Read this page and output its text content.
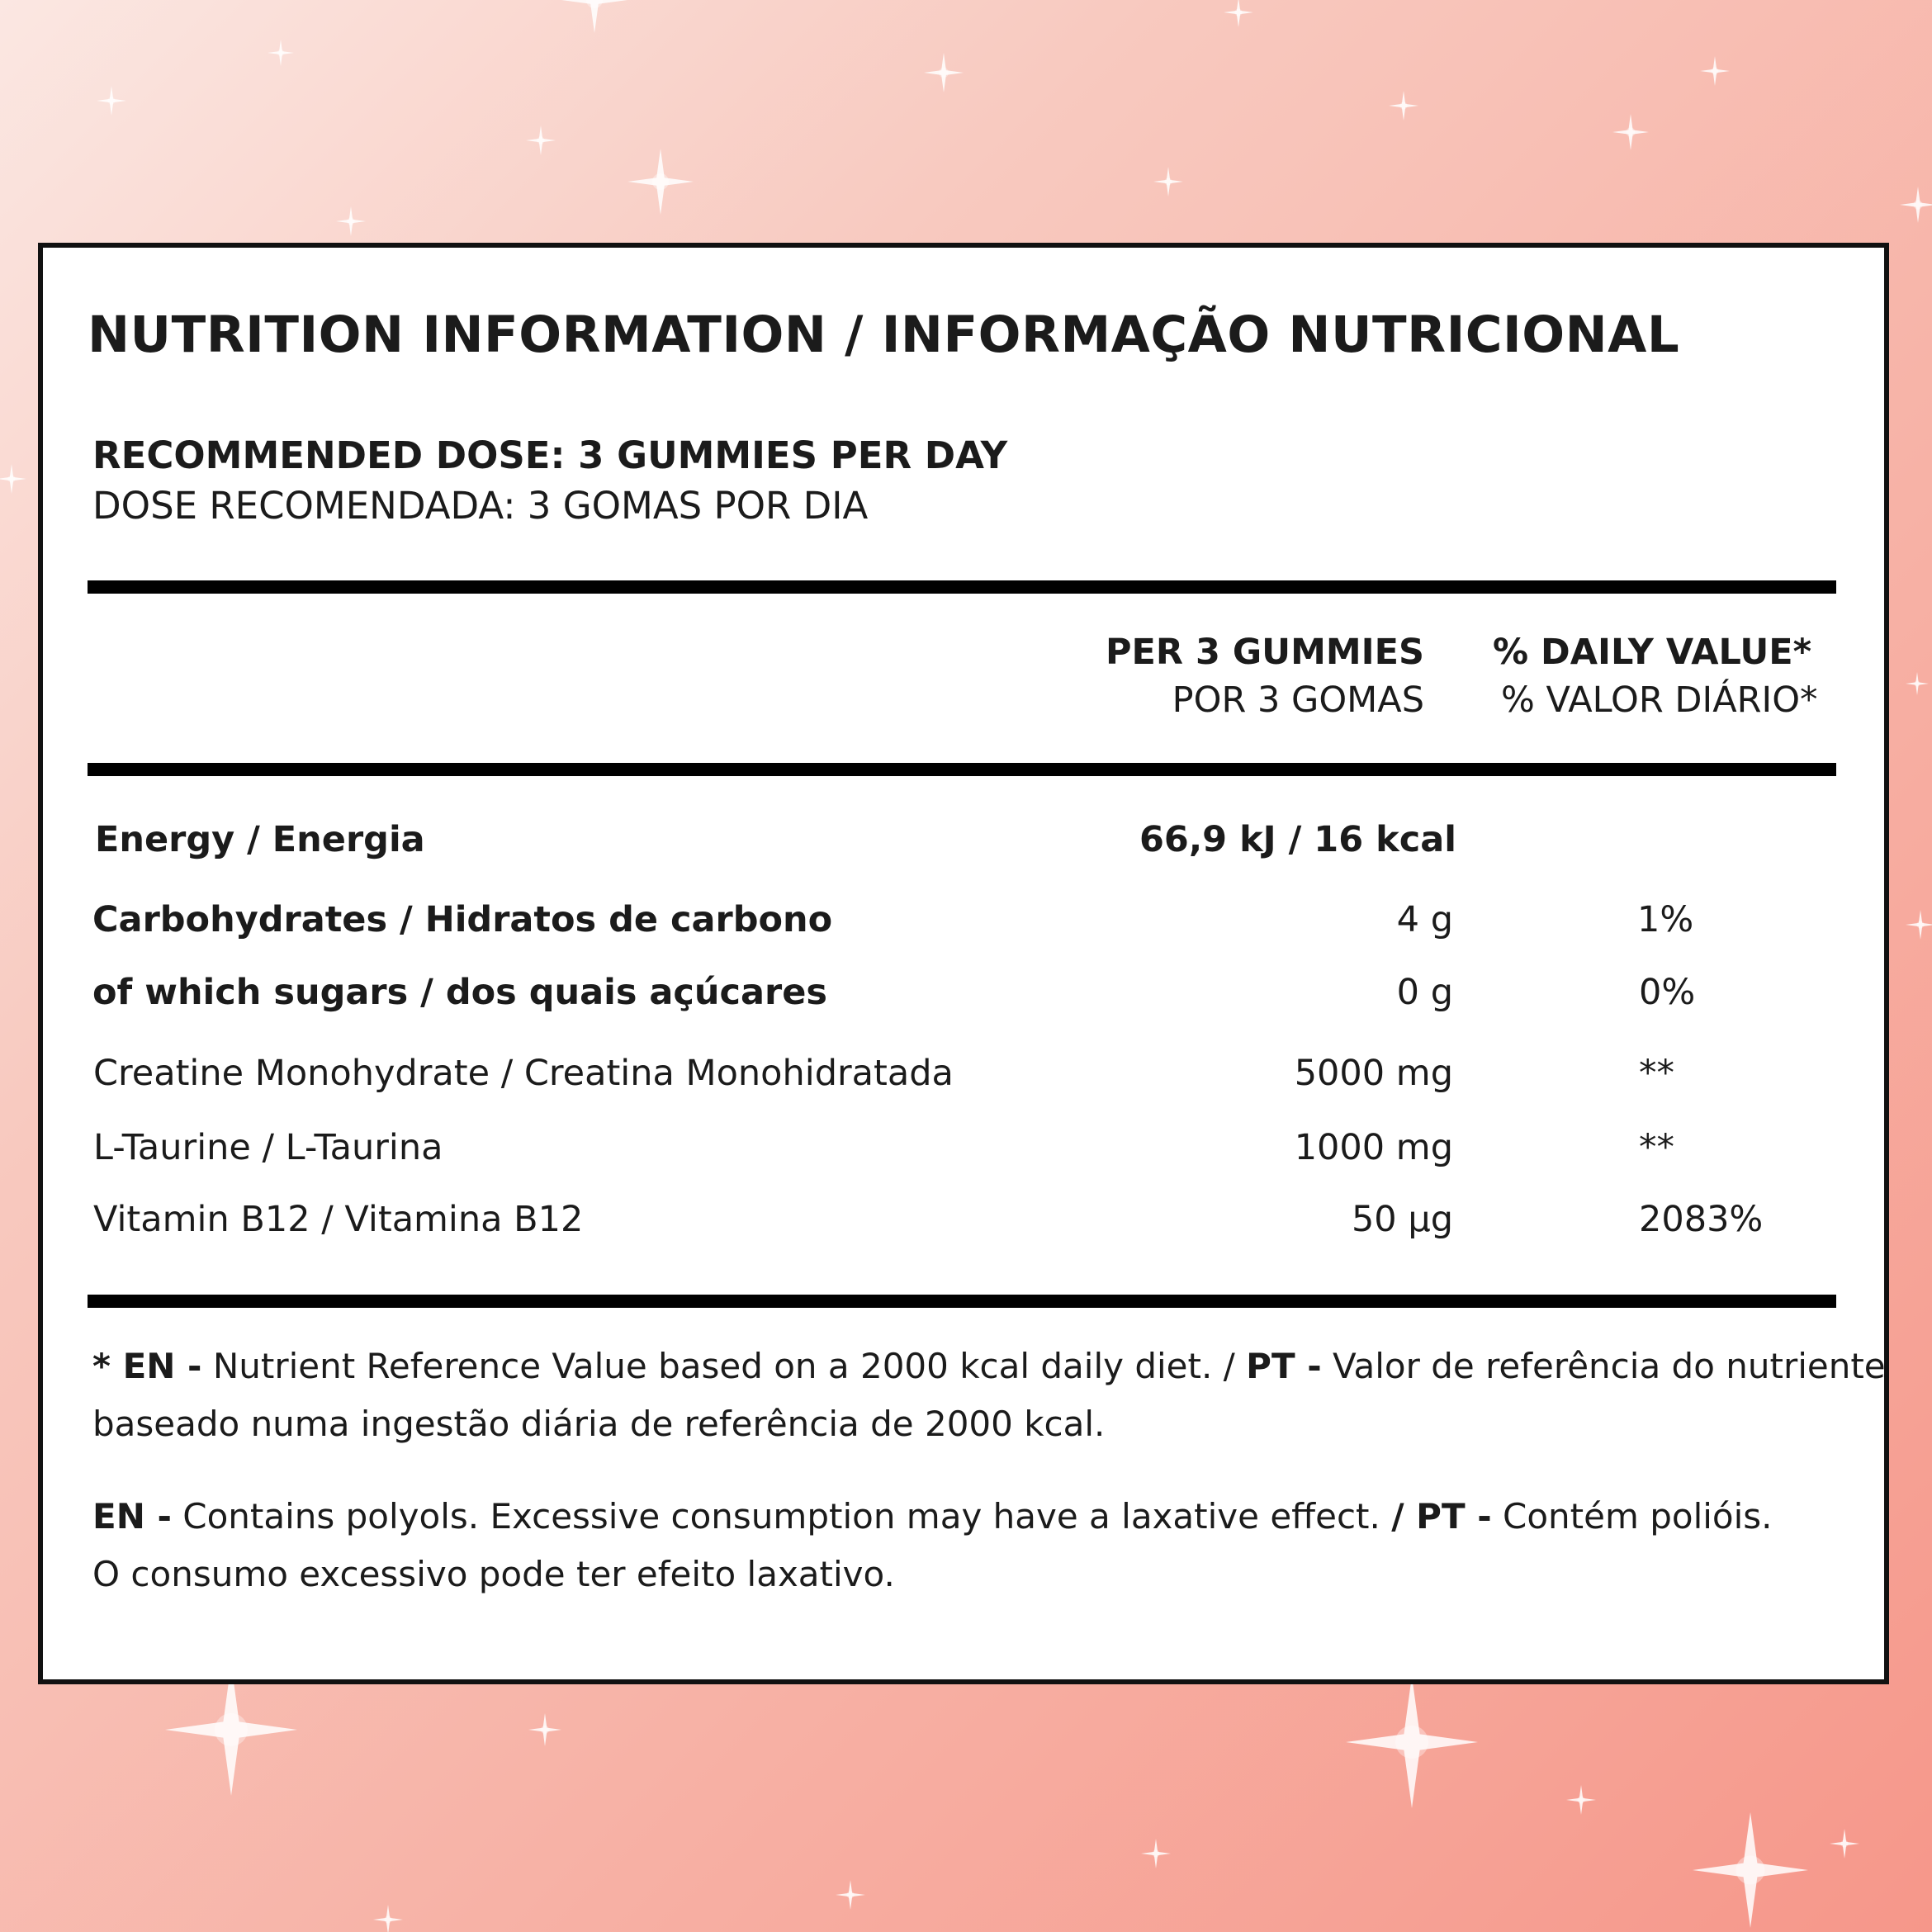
NUTRITION INFORMATION / INFORMAÇÃO NUTRICIONAL
RECOMMENDED DOSE: 3 GUMMIES PER DAY
DOSE RECOMENDADA: 3 GOMAS POR DIA
PER 3 GUMMIES
POR 3 GOMAS
% DAILY VALUE*
% VALOR DIÁRIO*
Energy / Energia	66,9 kJ / 16 kcal
Carbohydrates / Hidratos de carbono	4 g	1%
of which sugars / dos quais açúcares	0 g	0%
Creatine Monohydrate / Creatina Monohidratada	5000 mg	**
L-Taurine / L-Taurina	1000 mg	**
Vitamin B12 / Vitamina B12	50 µg	2083%
* EN - Nutrient Reference Value based on a 2000 kcal daily diet. / PT - Valor de referência do nutriente
baseado numa ingestão diária de referência de 2000 kcal.
EN - Contains polyols. Excessive consumption may have a laxative effect. / PT - Contém polióis.
O consumo excessivo pode ter efeito laxativo.
